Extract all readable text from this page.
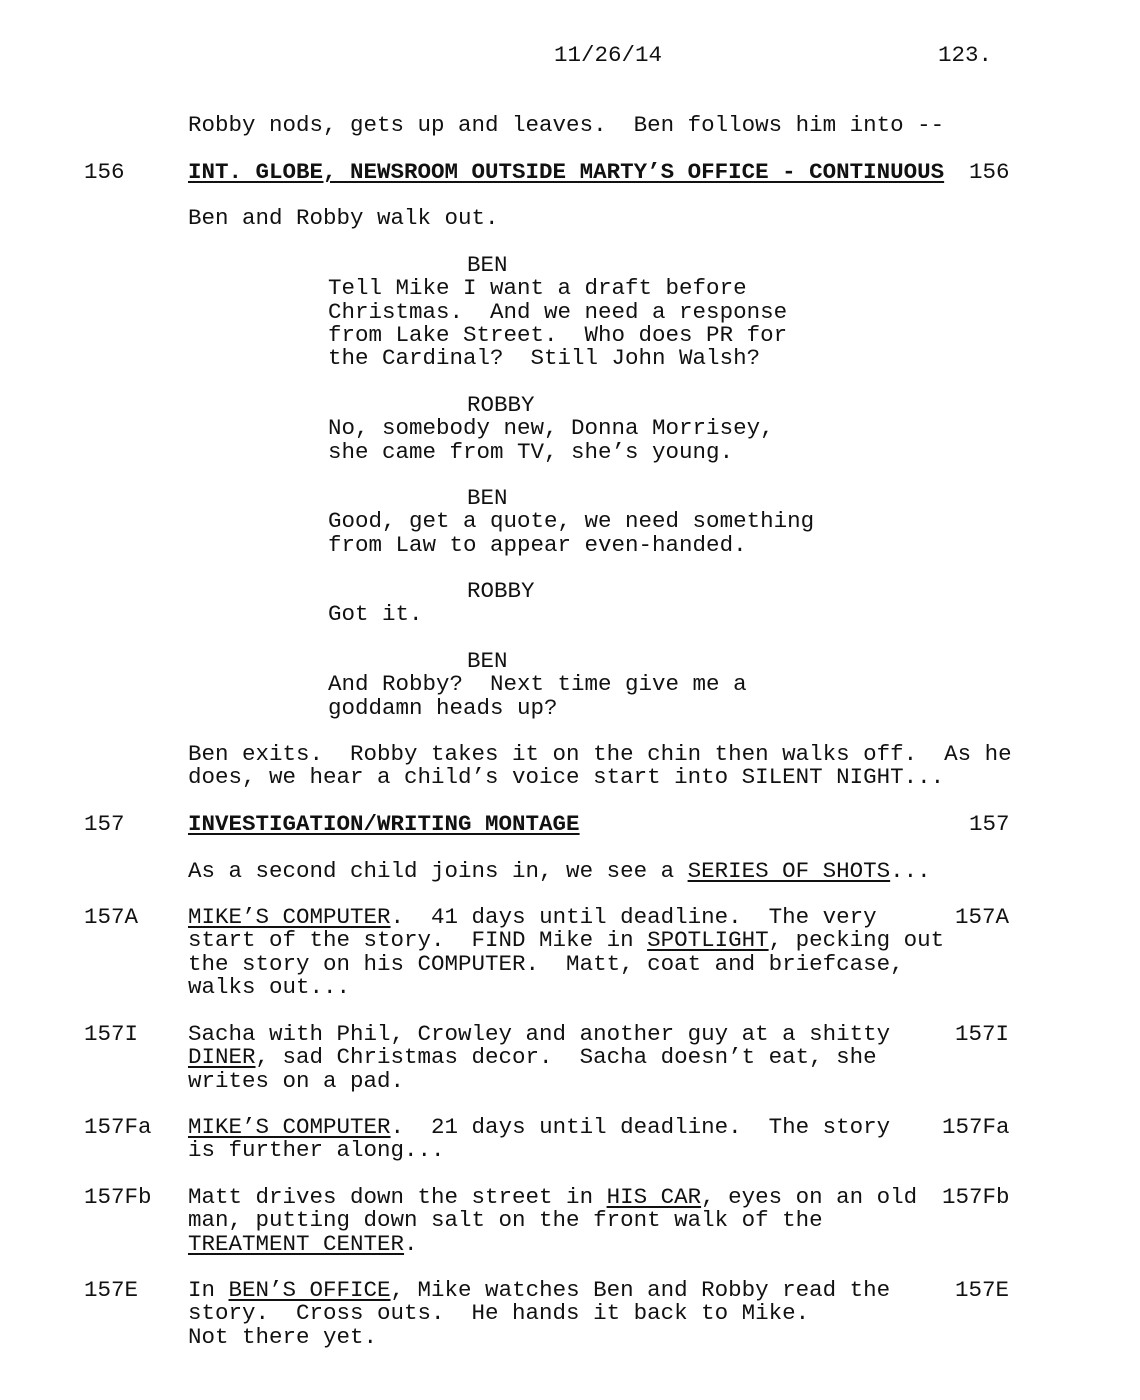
11/26/14	123.
Robby nods, gets up and leaves.  Ben follows him into --
156	INT. GLOBE, NEWSROOM OUTSIDE MARTY’S OFFICE - CONTINUOUS 156
Ben and Robby walk out.
BEN
Tell Mike I want a draft before
Christmas.  And we need a response
from Lake Street.  Who does PR for
the Cardinal?  Still John Walsh?
ROBBY
No, somebody new, Donna Morrisey,
she came from TV, she’s young.
BEN
Good, get a quote, we need something
from Law to appear even-handed.
ROBBY
Got it.
BEN
And Robby?  Next time give me a
goddamn heads up?
Ben exits.  Robby takes it on the chin then walks off.  As he
does, we hear a child’s voice start into SILENT NIGHT...
157	INVESTIGATION/WRITING MONTAGE	157
As a second child joins in, we see a SERIES OF SHOTS...
157A	157A
MIKE’S COMPUTER.  41 days until deadline.  The very
start of the story.  FIND Mike in SPOTLIGHT, pecking out
the story on his COMPUTER.  Matt, coat and briefcase,
walks out...
157I	157I
Sacha with Phil, Crowley and another guy at a shitty
DINER, sad Christmas decor.  Sacha doesn’t eat, she
writes on a pad.
157Fa	157Fa
MIKE’S COMPUTER.  21 days until deadline.  The story
is further along...
157Fb	157Fb
Matt drives down the street in HIS CAR, eyes on an old
man, putting down salt on the front walk of the
TREATMENT CENTER.
157E	157E
In BEN’S OFFICE, Mike watches Ben and Robby read the
story.  Cross outs.  He hands it back to Mike.
Not there yet.
